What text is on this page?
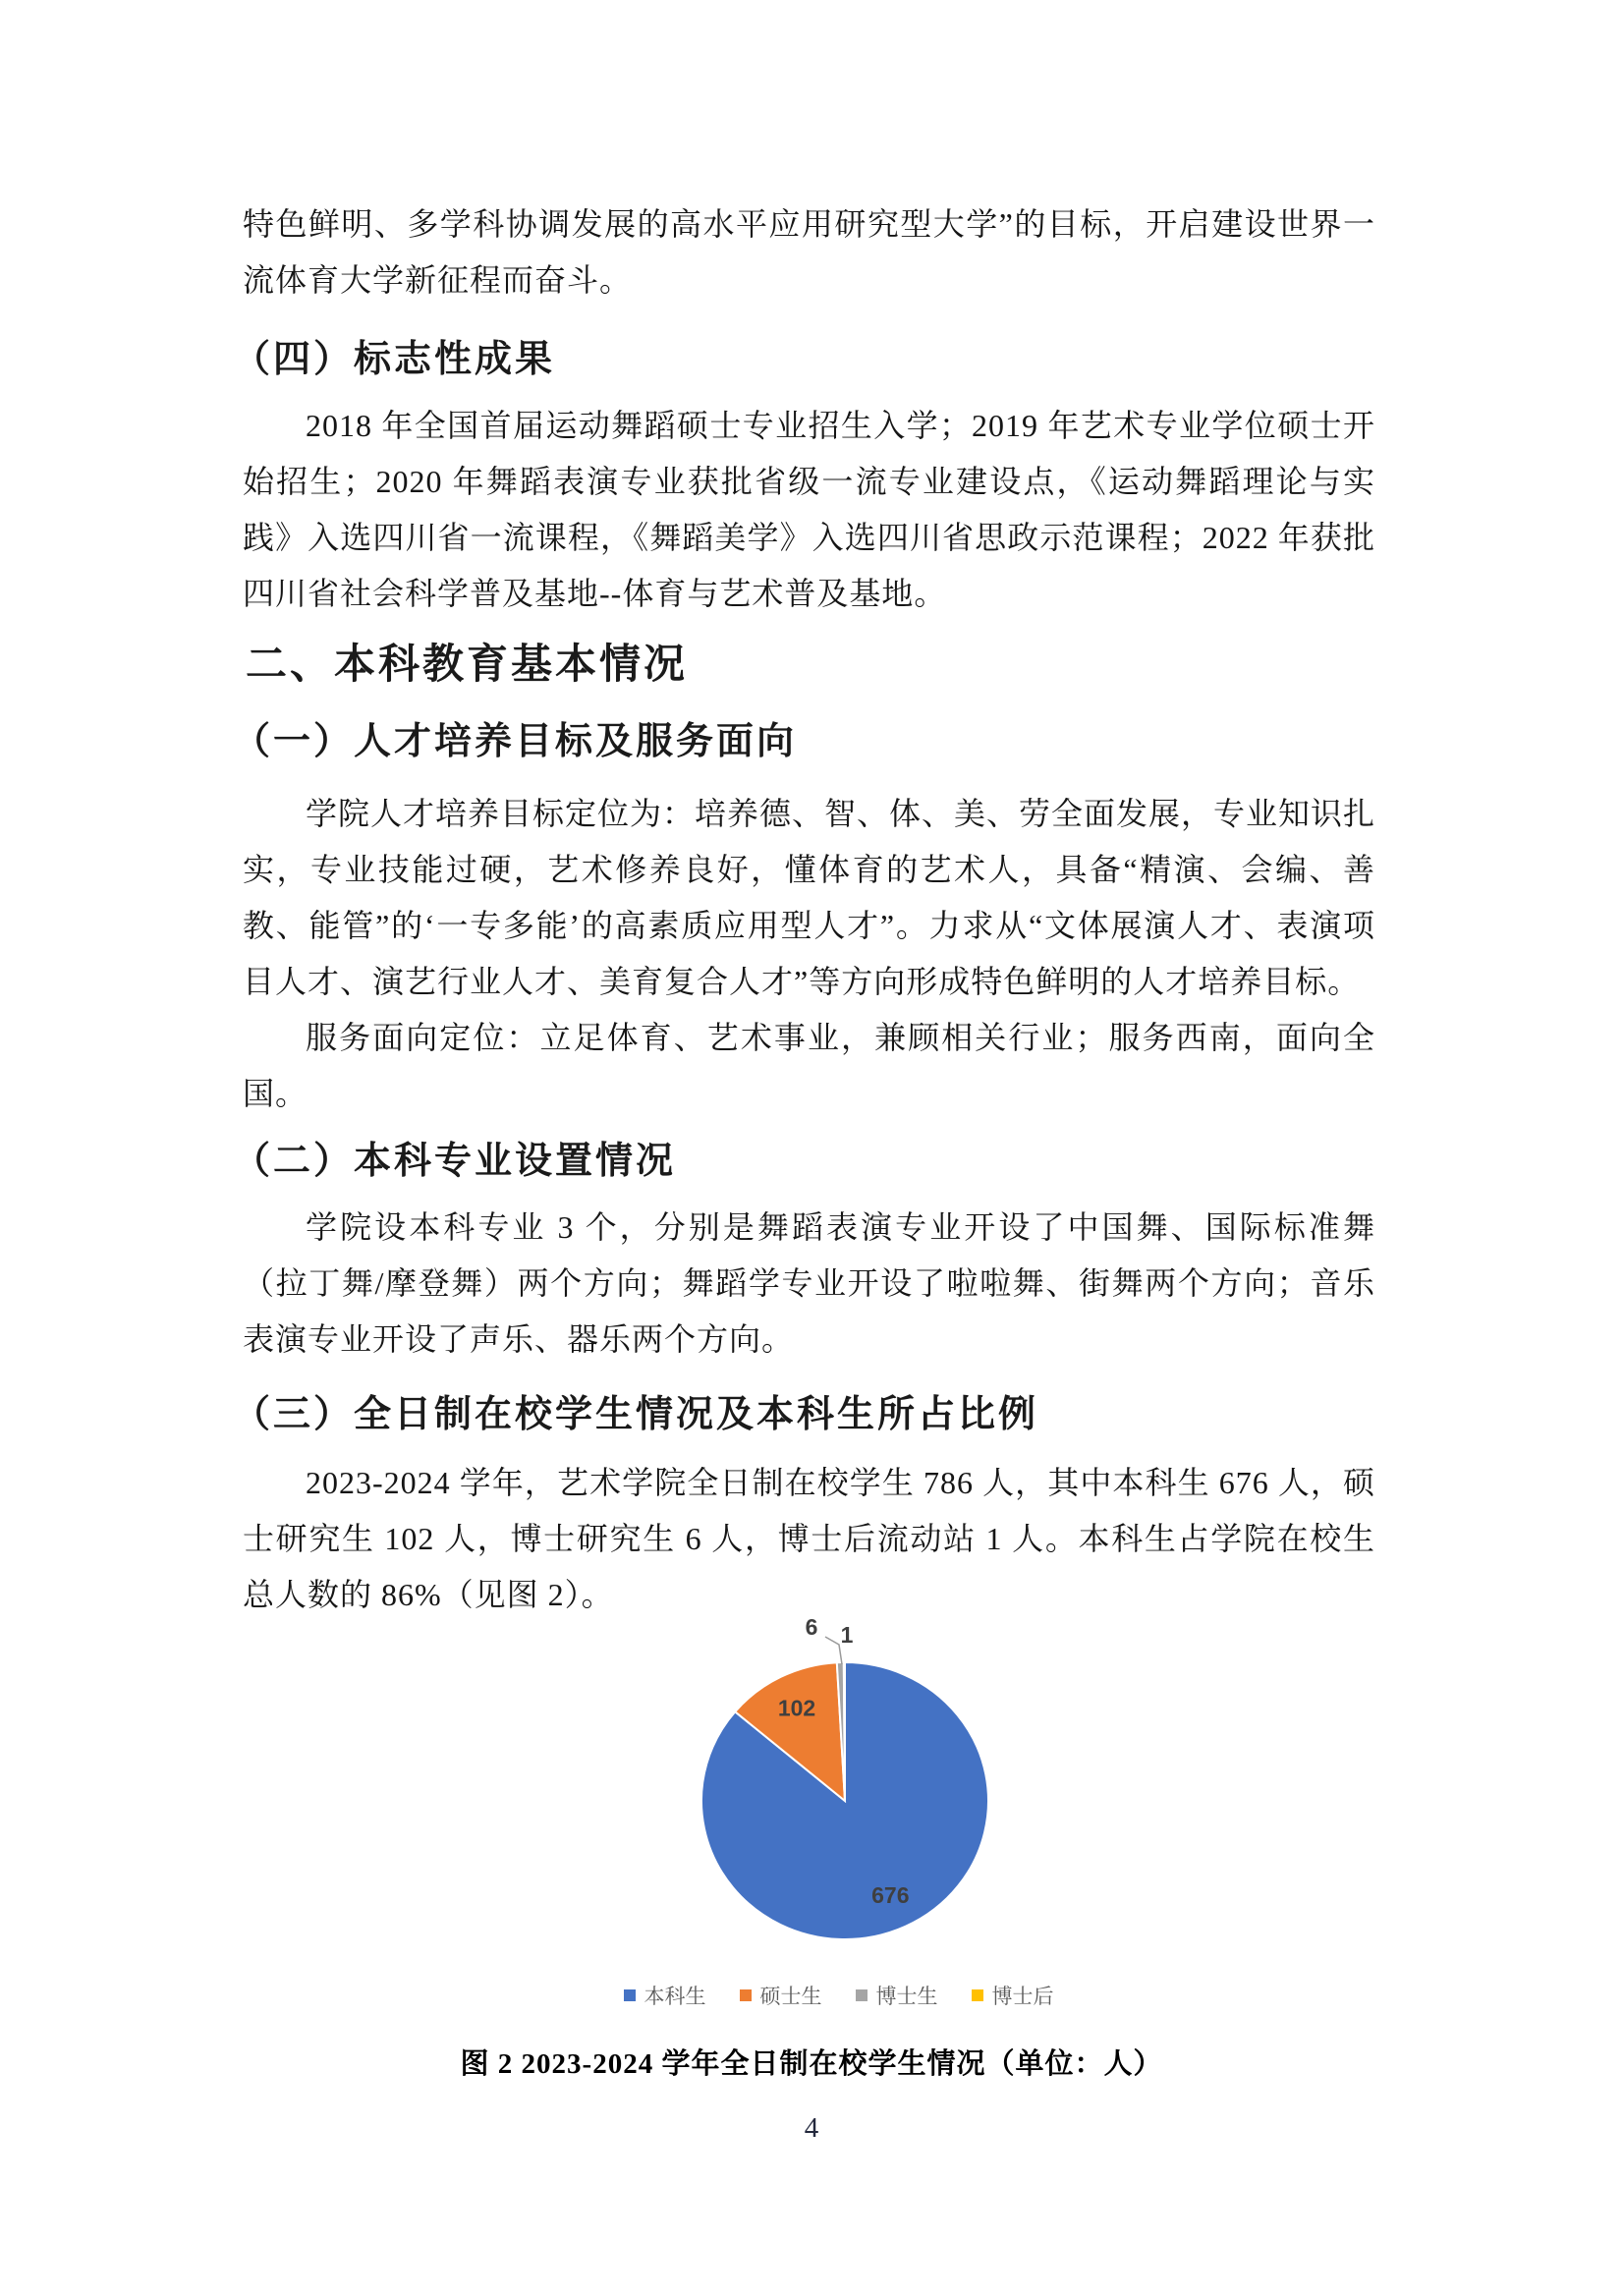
特色鲜明、多学科协调发展的高水平应用研究型大学”的目标，开启建设世界一流体育大学新征程而奋斗。

（四）标志性成果

2018 年全国首届运动舞蹈硕士专业招生入学；2019 年艺术专业学位硕士开始招生；2020 年舞蹈表演专业获批省级一流专业建设点，《运动舞蹈理论与实践》入选四川省一流课程，《舞蹈美学》入选四川省思政示范课程；2022 年获批四川省社会科学普及基地--体育与艺术普及基地。

二、本科教育基本情况
（一）人才培养目标及服务面向

学院人才培养目标定位为：培养德、智、体、美、劳全面发展，专业知识扎实，专业技能过硬，艺术修养良好，懂体育的艺术人，具备“精演、会编、善教、能管”的‘一专多能’的高素质应用型人才”。力求从“文体展演人才、表演项目人才、演艺行业人才、美育复合人才”等方向形成特色鲜明的人才培养目标。

服务面向定位：立足体育、艺术事业，兼顾相关行业；服务西南，面向全国。

（二）本科专业设置情况

学院设本科专业 3 个，分别是舞蹈表演专业开设了中国舞、国际标准舞（拉丁舞/摩登舞）两个方向；舞蹈学专业开设了啦啦舞、街舞两个方向；音乐表演专业开设了声乐、器乐两个方向。

（三）全日制在校学生情况及本科生所占比例

2023-2024 学年，艺术学院全日制在校学生 786 人，其中本科生 676 人，硕士研究生 102 人，博士研究生 6 人，博士后流动站 1 人。本科生占学院在校生总人数的 86%（见图 2）。

676
102
6 1
本科生	硕士生	博士生	博士后
图 2 2023-2024 学年全日制在校学生情况（单位：人）
4
